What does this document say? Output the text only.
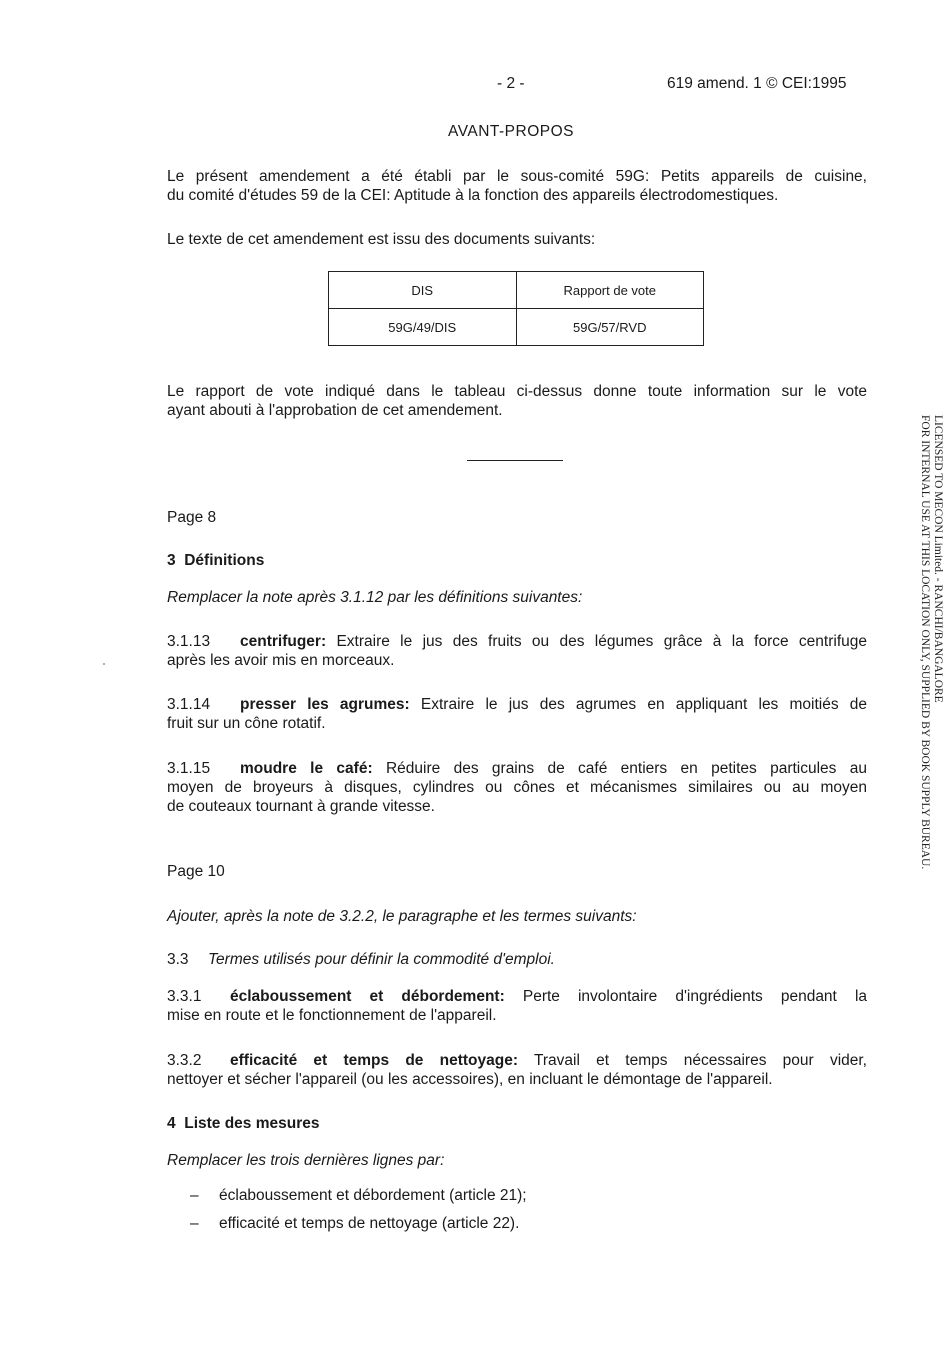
- 2 -	619 amend. 1 © CEI:1995
AVANT-PROPOS
Le présent amendement a été établi par le sous-comité 59G: Petits appareils de cuisine,
du comité d'études 59 de la CEI: Aptitude à la fonction des appareils électrodomestiques.
Le texte de cet amendement est issu des documents suivants:
DIS	Rapport de vote
59G/49/DIS	59G/57/RVD
Le rapport de vote indiqué dans le tableau ci-dessus donne toute information sur le vote
ayant abouti à l'approbation de cet amendement.
Page 8
3  Définitions
Remplacer la note après 3.1.12 par les définitions suivantes:
3.1.13 centrifuger: Extraire le jus des fruits ou des légumes grâce à la force centrifuge
après les avoir mis en morceaux.
3.1.14 presser les agrumes: Extraire le jus des agrumes en appliquant les moitiés de
fruit sur un cône rotatif.
3.1.15 moudre le café: Réduire des grains de café entiers en petites particules au
moyen de broyeurs à disques, cylindres ou cônes et mécanismes similaires ou au moyen
de couteaux tournant à grande vitesse.
Page 10
Ajouter, après la note de 3.2.2, le paragraphe et les termes suivants:
3.3 Termes utilisés pour définir la commodité d'emploi.
3.3.1 éclaboussement et débordement: Perte involontaire d'ingrédients pendant la
mise en route et le fonctionnement de l'appareil.
3.3.2 efficacité et temps de nettoyage: Travail et temps nécessaires pour vider,
nettoyer et sécher l'appareil (ou les accessoires), en incluant le démontage de l'appareil.
4  Liste des mesures
Remplacer les trois dernières lignes par:
– éclaboussement et débordement (article 21);
– efficacité et temps de nettoyage (article 22).
LICENSED TO MECON Limited. - RANCHI/BANGALORE
FOR INTERNAL USE AT THIS LOCATION ONLY, SUPPLIED BY BOOK SUPPLY BUREAU.
